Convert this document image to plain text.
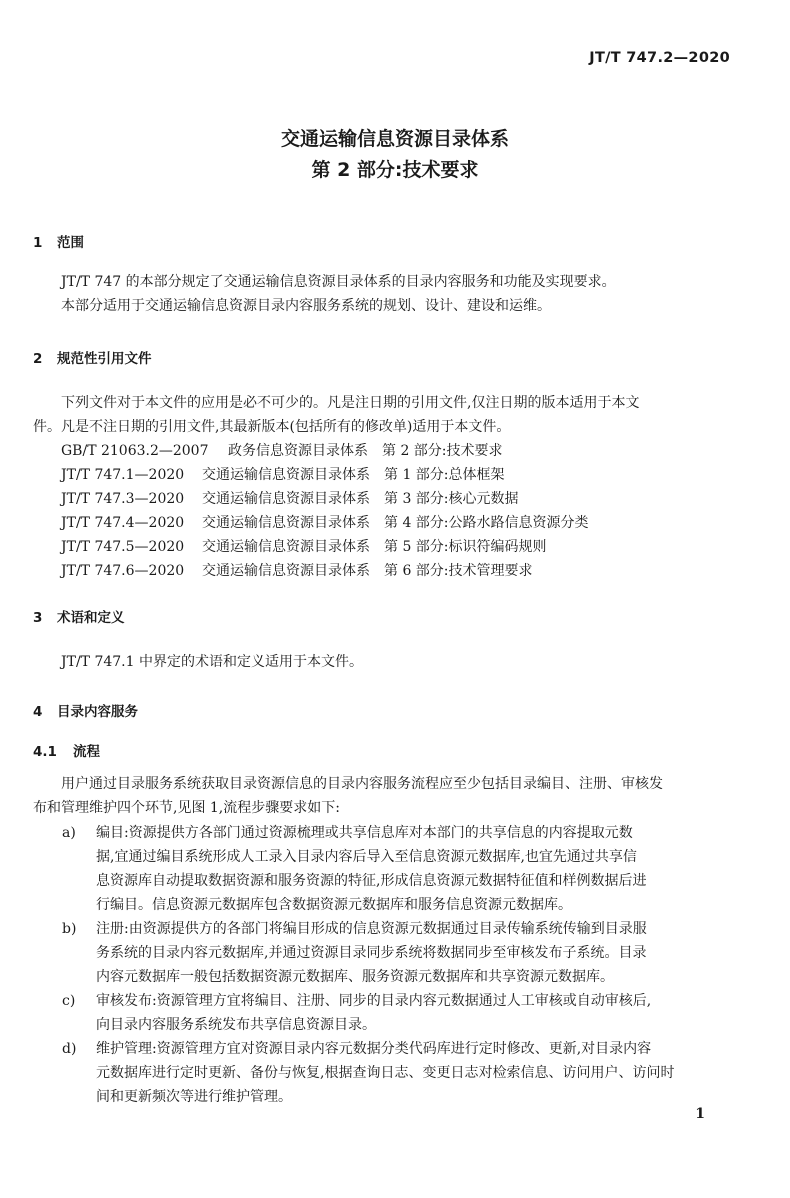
JT/T 747.2—2020
交通运输信息资源目录体系
第 2 部分:技术要求
1 范围
JT/T 747 的本部分规定了交通运输信息资源目录体系的目录内容服务和功能及实现要求。
本部分适用于交通运输信息资源目录内容服务系统的规划、设计、建设和运维。
2 规范性引用文件
下列文件对于本文件的应用是必不可少的。凡是注日期的引用文件,仅注日期的版本适用于本文
件。凡是不注日期的引用文件,其最新版本(包括所有的修改单)适用于本文件。
GB/T 21063.2—2007 政务信息资源目录体系　第 2 部分:技术要求
JT/T 747.1—2020 交通运输信息资源目录体系　第 1 部分:总体框架
JT/T 747.3—2020 交通运输信息资源目录体系　第 3 部分:核心元数据
JT/T 747.4—2020 交通运输信息资源目录体系　第 4 部分:公路水路信息资源分类
JT/T 747.5—2020 交通运输信息资源目录体系　第 5 部分:标识符编码规则
JT/T 747.6—2020 交通运输信息资源目录体系　第 6 部分:技术管理要求
3 术语和定义
JT/T 747.1 中界定的术语和定义适用于本文件。
4 目录内容服务
4.1 流程
用户通过目录服务系统获取目录资源信息的目录内容服务流程应至少包括目录编目、注册、审核发
布和管理维护四个环节,见图 1,流程步骤要求如下:
a) 编目:资源提供方各部门通过资源梳理或共享信息库对本部门的共享信息的内容提取元数
据,宜通过编目系统形成人工录入目录内容后导入至信息资源元数据库,也宜先通过共享信
息资源库自动提取数据资源和服务资源的特征,形成信息资源元数据特征值和样例数据后进
行编目。信息资源元数据库包含数据资源元数据库和服务信息资源元数据库。
b) 注册:由资源提供方的各部门将编目形成的信息资源元数据通过目录传输系统传输到目录服
务系统的目录内容元数据库,并通过资源目录同步系统将数据同步至审核发布子系统。目录
内容元数据库一般包括数据资源元数据库、服务资源元数据库和共享资源元数据库。
c) 审核发布:资源管理方宜将编目、注册、同步的目录内容元数据通过人工审核或自动审核后,
向目录内容服务系统发布共享信息资源目录。
d) 维护管理:资源管理方宜对资源目录内容元数据分类代码库进行定时修改、更新,对目录内容
元数据库进行定时更新、备份与恢复,根据查询日志、变更日志对检索信息、访问用户、访问时
间和更新频次等进行维护管理。
1
